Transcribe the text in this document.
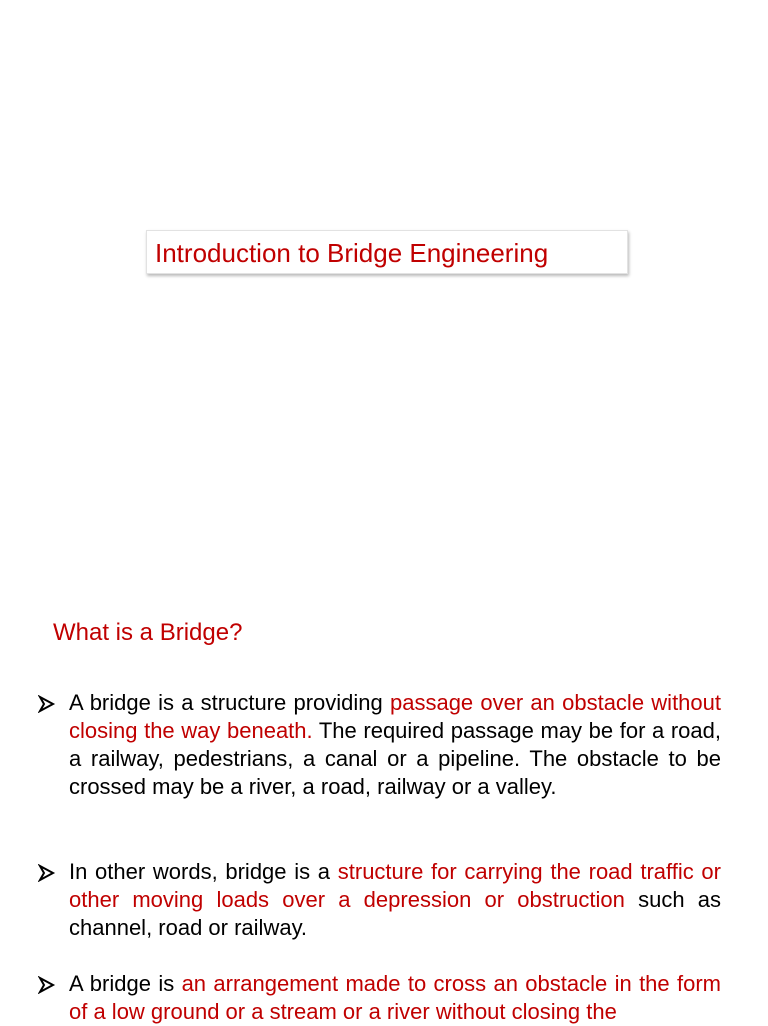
Introduction to Bridge Engineering
What is a Bridge?
A bridge is a structure providing passage over an obstacle without closing the way beneath. The required passage may be for a road, a railway, pedestrians, a canal or a pipeline. The obstacle to be crossed may be a river, a road, railway or a valley.
In other words, bridge is a structure for carrying the road traffic or other moving loads over a depression or obstruction such as channel, road or railway.
A bridge is an arrangement made to cross an obstacle in the form of a low ground or a stream or a river without closing the
